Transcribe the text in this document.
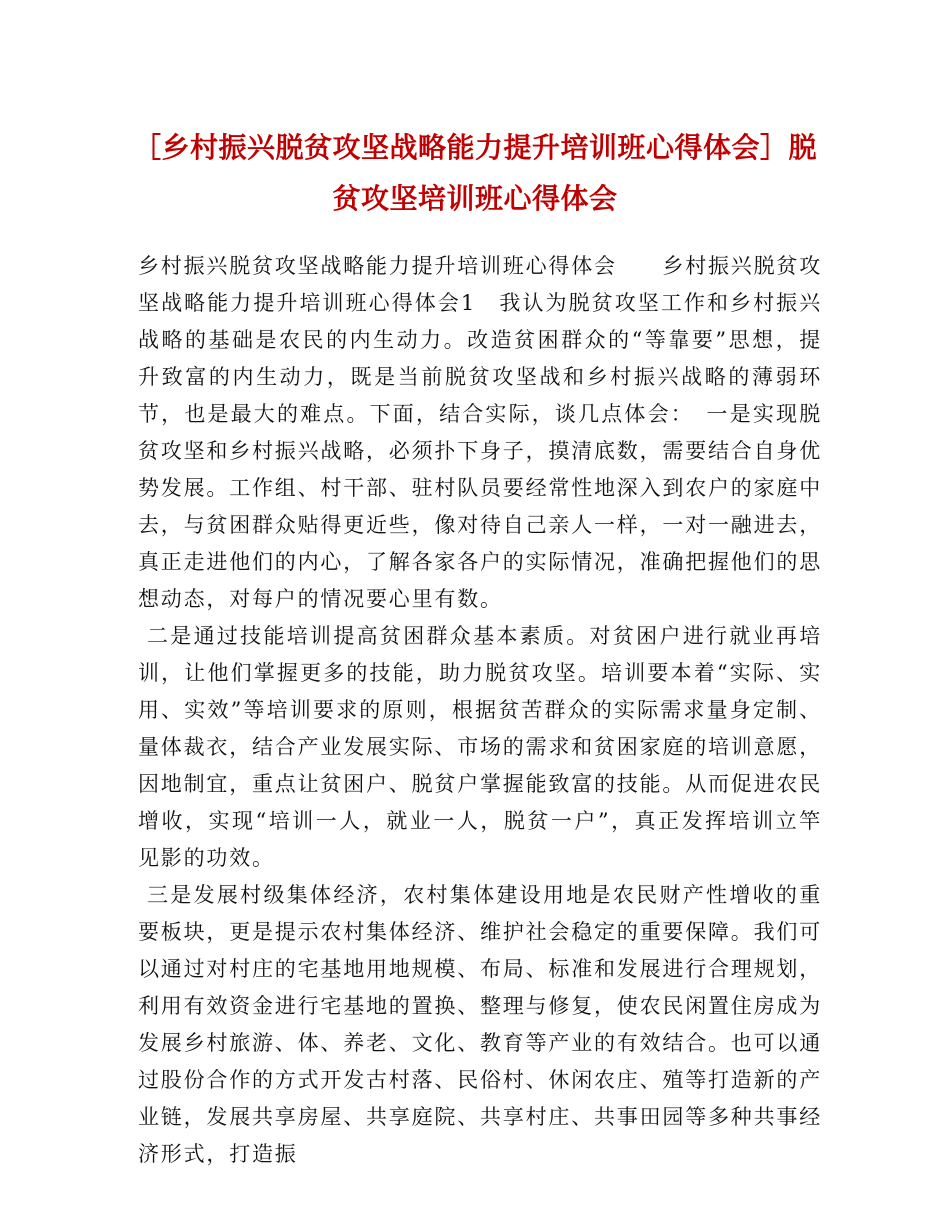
［乡村振兴脱贫攻坚战略能力提升培训班心得体会］脱贫攻坚培训班心得体会

乡村振兴脱贫攻坚战略能力提升培训班心得体会　　乡村振兴脱贫攻坚战略能力提升培训班心得体会1　我认为脱贫攻坚工作和乡村振兴战略的基础是农民的内生动力。改造贫困群众的“等靠要”思想，提升致富的内生动力，既是当前脱贫攻坚战和乡村振兴战略的薄弱环节，也是最大的难点。下面，结合实际，谈几点体会：　一是实现脱贫攻坚和乡村振兴战略，必须扑下身子，摸清底数，需要结合自身优势发展。工作组、村干部、驻村队员要经常性地深入到农户的家庭中去，与贫困群众贴得更近些，像对待自己亲人一样，一对一融进去，真正走进他们的内心，了解各家各户的实际情况，准确把握他们的思想动态，对每户的情况要心里有数。

二是通过技能培训提高贫困群众基本素质。对贫困户进行就业再培训，让他们掌握更多的技能，助力脱贫攻坚。培训要本着“实际、实用、实效”等培训要求的原则，根据贫苦群众的实际需求量身定制、量体裁衣，结合产业发展实际、市场的需求和贫困家庭的培训意愿，因地制宜，重点让贫困户、脱贫户掌握能致富的技能。从而促进农民增收，实现“培训一人，就业一人，脱贫一户”，真正发挥培训立竿见影的功效。

三是发展村级集体经济，农村集体建设用地是农民财产性增收的重要板块，更是提示农村集体经济、维护社会稳定的重要保障。我们可以通过对村庄的宅基地用地规模、布局、标准和发展进行合理规划，利用有效资金进行宅基地的置换、整理与修复，使农民闲置住房成为发展乡村旅游、体、养老、文化、教育等产业的有效结合。也可以通过股份合作的方式开发古村落、民俗村、休闲农庄、殖等打造新的产业链，发展共享房屋、共享庭院、共享村庄、共事田园等多种共事经济形式，打造振
